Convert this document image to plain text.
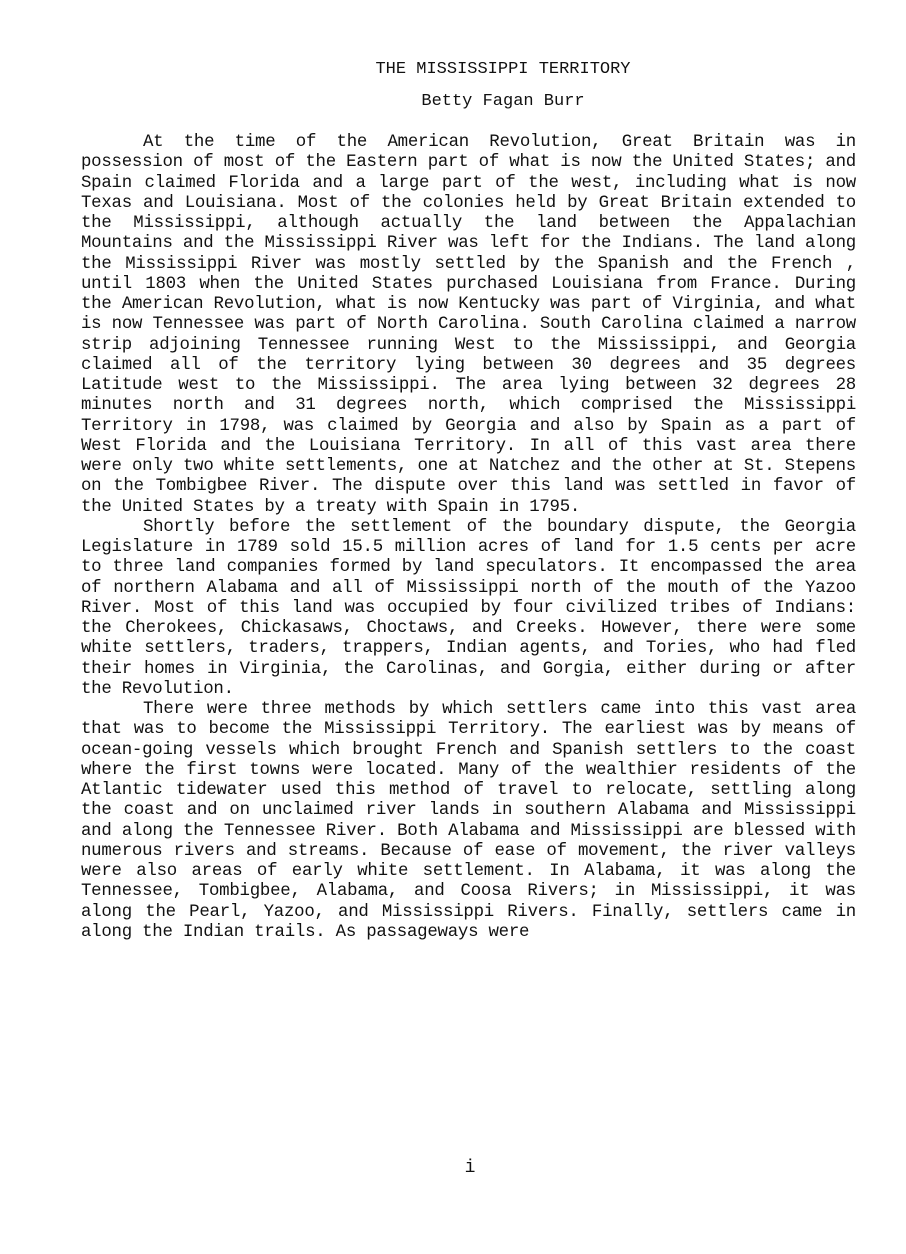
THE MISSISSIPPI TERRITORY
Betty Fagan Burr

At the time of the American Revolution, Great Britain was in possession of most of the Eastern part of what is now the United States; and Spain claimed Florida and a large part of the west, including what is now Texas and Louisiana. Most of the colonies held by Great Britain extended to the Mississippi, although actually the land between the Appalachian Mountains and the Mississippi River was left for the Indians. The land along the Mississippi River was mostly settled by the Spanish and the French , until 1803 when the United States purchased Louisiana from France. During the American Revolution, what is now Kentucky was part of Virginia, and what is now Tennessee was part of North Carolina. South Carolina claimed a narrow strip adjoining Tennessee running West to the Mississippi, and Georgia claimed all of the territory lying between 30 degrees and 35 degrees Latitude west to the Mississippi. The area lying between 32 degrees 28 minutes north and 31 degrees north, which comprised the Mississippi Territory in 1798, was claimed by Georgia and also by Spain as a part of West Florida and the Louisiana Territory. In all of this vast area there were only two white settlements, one at Natchez and the other at St. Stepens on the Tombigbee River. The dispute over this land was settled in favor of the United States by a treaty with Spain in 1795.

Shortly before the settlement of the boundary dispute, the Georgia Legislature in 1789 sold 15.5 million acres of land for 1.5 cents per acre to three land companies formed by land speculators. It encompassed the area of northern Alabama and all of Mississippi north of the mouth of the Yazoo River. Most of this land was occupied by four civilized tribes of Indians: the Cherokees, Chickasaws, Choctaws, and Creeks. However, there were some white settlers, traders, trappers, Indian agents, and Tories, who had fled their homes in Virginia, the Carolinas, and Gorgia, either during or after the Revolution.

There were three methods by which settlers came into this vast area that was to become the Mississippi Territory. The earliest was by means of ocean-going vessels which brought French and Spanish settlers to the coast where the first towns were located. Many of the wealthier residents of the Atlantic tidewater used this method of travel to relocate, settling along the coast and on unclaimed river lands in southern Alabama and Mississippi and along the Tennessee River. Both Alabama and Mississippi are blessed with numerous rivers and streams. Because of ease of movement, the river valleys were also areas of early white settlement. In Alabama, it was along the Tennessee, Tombigbee, Alabama, and Coosa Rivers; in Mississippi, it was along the Pearl, Yazoo, and Mississippi Rivers. Finally, settlers came in along the Indian trails. As passageways were

i
